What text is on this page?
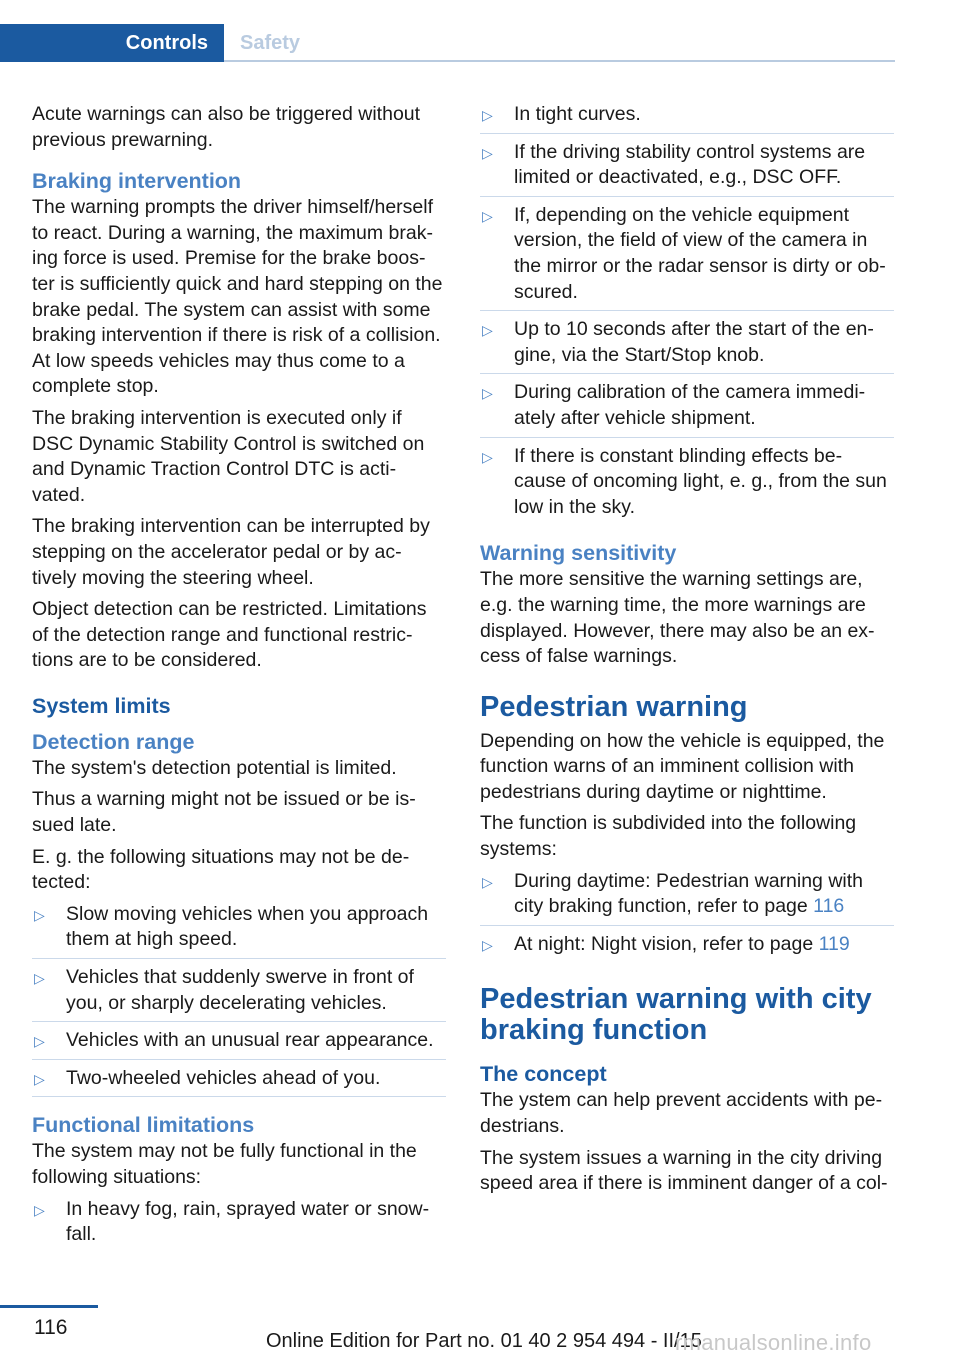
Controls	Safety

Acute warnings can also be triggered without previous prewarning.

Braking intervention

The warning prompts the driver himself/herself to react. During a warning, the maximum brak-ing force is used. Premise for the brake boos-ter is sufficiently quick and hard stepping on the brake pedal. The system can assist with some braking intervention if there is risk of a collision. At low speeds vehicles may thus come to a complete stop.

The braking intervention is executed only if DSC Dynamic Stability Control is switched on and Dynamic Traction Control DTC is acti-vated.

The braking intervention can be interrupted by stepping on the accelerator pedal or by ac-tively moving the steering wheel.

Object detection can be restricted. Limitations of the detection range and functional restric-tions are to be considered.

System limits
Detection range

The system's detection potential is limited.

Thus a warning might not be issued or be is-sued late.

E. g. the following situations may not be de-tected:

▷ Slow moving vehicles when you approach them at high speed.
▷ Vehicles that suddenly swerve in front of you, or sharply decelerating vehicles.
▷ Vehicles with an unusual rear appearance.
▷ Two-wheeled vehicles ahead of you.
Functional limitations

The system may not be fully functional in the following situations:

▷ In heavy fog, rain, sprayed water or snow-fall.
▷ In tight curves.
▷ If the driving stability control systems are limited or deactivated, e.g., DSC OFF.
▷ If, depending on the vehicle equipment version, the field of view of the camera in the mirror or the radar sensor is dirty or ob-scured.
▷ Up to 10 seconds after the start of the en-gine, via the Start/Stop knob.
▷ During calibration of the camera immedi-ately after vehicle shipment.
▷ If there is constant blinding effects be-cause of oncoming light, e. g., from the sun low in the sky.
Warning sensitivity

The more sensitive the warning settings are, e.g. the warning time, the more warnings are displayed. However, there may also be an ex-cess of false warnings.

Pedestrian warning

Depending on how the vehicle is equipped, the function warns of an imminent collision with pedestrians during daytime or nighttime.

The function is subdivided into the following systems:

▷ During daytime: Pedestrian warning with city braking function, refer to page 116
▷ At night: Night vision, refer to page 119
Pedestrian warning with city braking function
The concept

The ystem can help prevent accidents with pe-destrians.

The system issues a warning in the city driving speed area if there is imminent danger of a col-

116
Online Edition for Part no. 01 40 2 954 494 - II/15
rmanualsonline.info
